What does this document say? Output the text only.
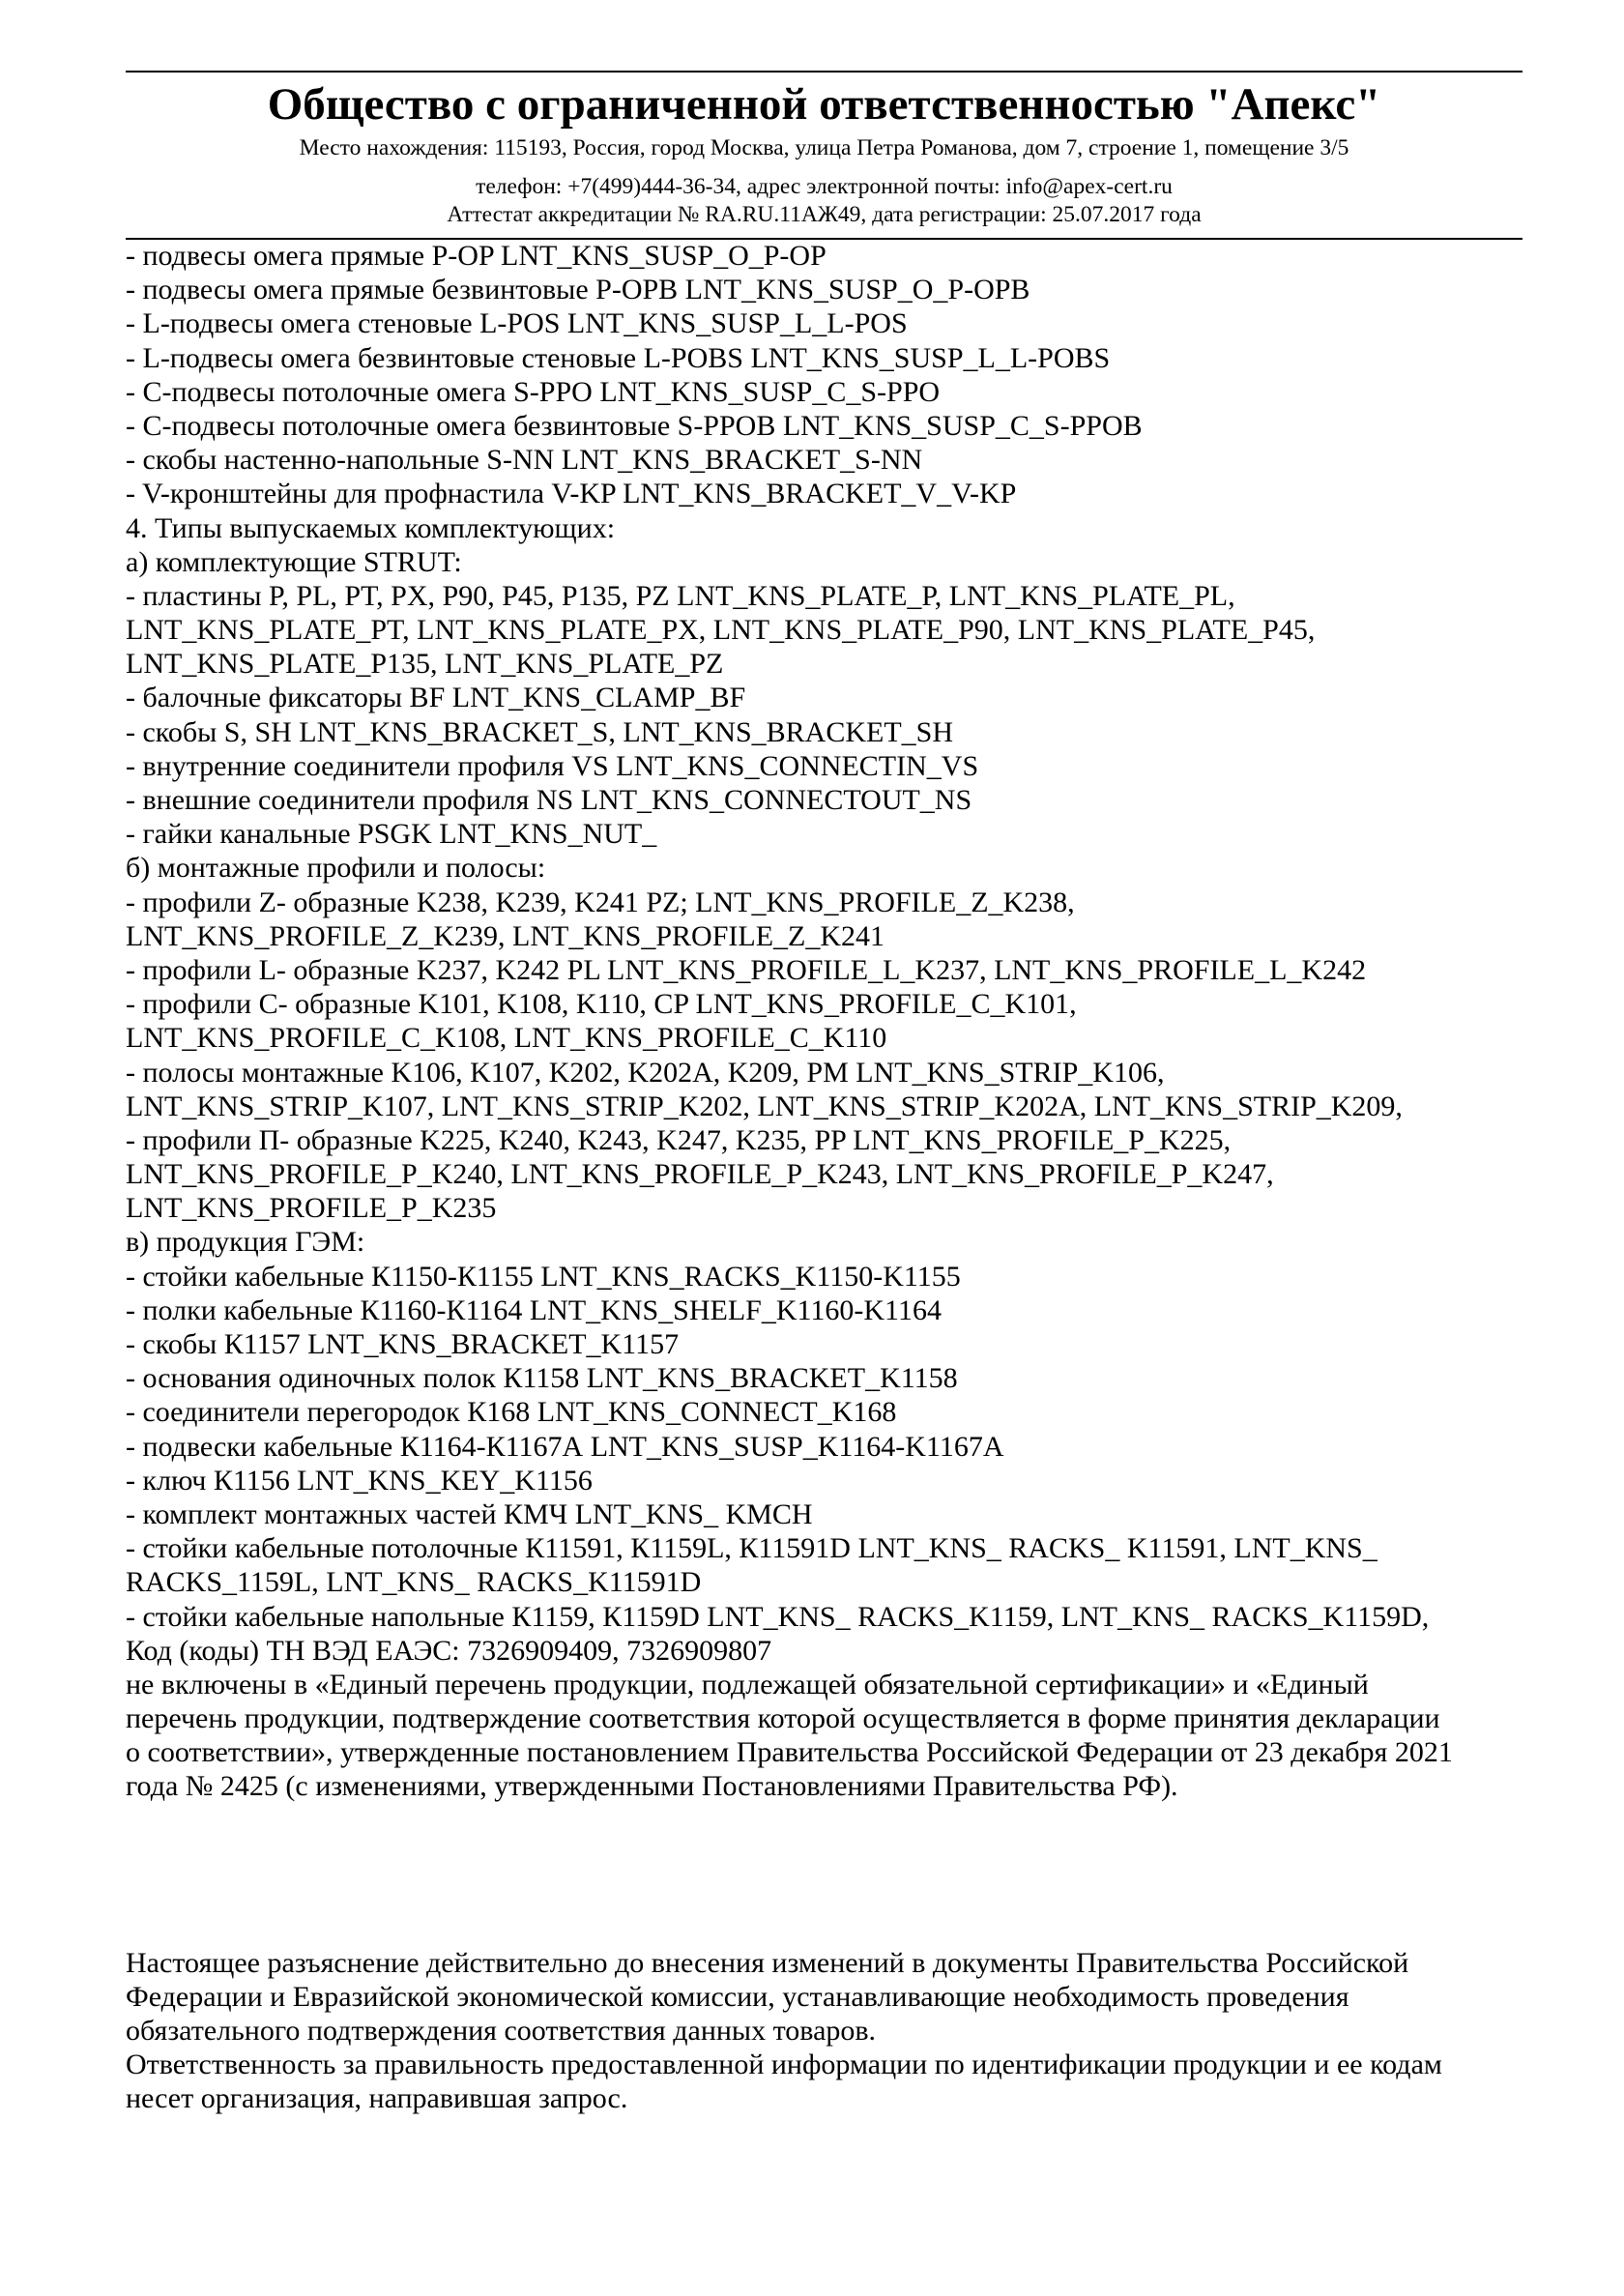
Общество с ограниченной ответственностью "Апекс"
Место нахождения: 115193, Россия, город Москва, улица Петра Романова, дом 7, строение 1, помещение 3/5
телефон: +7(499)444-36-34, адрес электронной почты: info@apex-cert.ru
Аттестат аккредитации № RA.RU.11АЖ49, дата регистрации: 25.07.2017 года
- подвесы омега прямые P-OP LNT_KNS_SUSP_O_P-OP
- подвесы омега прямые безвинтовые P-OPB LNT_KNS_SUSP_O_P-OPB
- L-подвесы омега стеновые L-POS LNT_KNS_SUSP_L_L-POS
- L-подвесы омега безвинтовые стеновые L-POBS LNT_KNS_SUSP_L_L-POBS
- С-подвесы потолочные омега S-PPO LNT_KNS_SUSP_C_S-PPO
- С-подвесы потолочные омега безвинтовые S-PPOB LNT_KNS_SUSP_C_S-PPOB
- скобы настенно-напольные S-NN LNT_KNS_BRACKET_S-NN
- V-кронштейны для профнастила V-KP LNT_KNS_BRACKET_V_V-KP
4. Типы выпускаемых комплектующих:
а) комплектующие STRUT:
- пластины P, PL, PT, PX, P90, P45, P135, PZ LNT_KNS_PLATE_P, LNT_KNS_PLATE_PL,
LNT_KNS_PLATE_PT, LNT_KNS_PLATE_PX, LNT_KNS_PLATE_P90, LNT_KNS_PLATE_P45,
LNT_KNS_PLATE_P135, LNT_KNS_PLATE_PZ
- балочные фиксаторы BF LNT_KNS_CLAMP_BF
- скобы S, SH LNT_KNS_BRACKET_S, LNT_KNS_BRACKET_SH
- внутренние соединители профиля VS LNT_KNS_CONNECTIN_VS
- внешние соединители профиля NS LNT_KNS_CONNECTOUT_NS
- гайки канальные PSGK LNT_KNS_NUT_
б) монтажные профили и полосы:
- профили Z- образные K238, K239, K241 PZ; LNT_KNS_PROFILE_Z_K238,
LNT_KNS_PROFILE_Z_K239, LNT_KNS_PROFILE_Z_K241
- профили L- образные K237, K242 PL LNT_KNS_PROFILE_L_K237, LNT_KNS_PROFILE_L_K242
- профили С- образные K101, K108, K110, CP LNT_KNS_PROFILE_C_K101,
LNT_KNS_PROFILE_C_K108, LNT_KNS_PROFILE_C_K110
- полосы монтажные K106, K107, K202, K202A, K209, PM LNT_KNS_STRIP_K106,
LNT_KNS_STRIP_K107, LNT_KNS_STRIP_K202, LNT_KNS_STRIP_K202A, LNT_KNS_STRIP_K209,
- профили П- образные K225, K240, K243, K247, K235, PP LNT_KNS_PROFILE_P_K225,
LNT_KNS_PROFILE_P_K240, LNT_KNS_PROFILE_P_K243, LNT_KNS_PROFILE_P_K247,
LNT_KNS_PROFILE_P_K235
в) продукция ГЭМ:
- стойки кабельные К1150-К1155 LNT_KNS_RACKS_K1150-K1155
- полки кабельные К1160-К1164 LNT_KNS_SHELF_K1160-K1164
- скобы К1157 LNT_KNS_BRACKET_K1157
- основания одиночных полок К1158 LNT_KNS_BRACKET_K1158
- соединители перегородок К168 LNT_KNS_CONNECT_K168
- подвески кабельные К1164-К1167А LNT_KNS_SUSP_K1164-K1167A
- ключ К1156 LNT_KNS_KEY_K1156
- комплект монтажных частей КМЧ LNT_KNS_ KMCH
- стойки кабельные потолочные К11591, К1159L, К11591D LNT_KNS_ RACKS_ K11591, LNT_KNS_
RACKS_1159L, LNT_KNS_ RACKS_K11591D
- стойки кабельные напольные К1159, К1159D LNT_KNS_ RACKS_K1159, LNT_KNS_ RACKS_K1159D,
Код (коды) ТН ВЭД ЕАЭС: 7326909409, 7326909807
не включены в «Единый перечень продукции, подлежащей обязательной сертификации» и «Единый
перечень продукции, подтверждение соответствия которой осуществляется в форме принятия декларации
о соответствии», утвержденные постановлением Правительства Российской Федерации от 23 декабря 2021
года № 2425 (с изменениями, утвержденными Постановлениями Правительства РФ).
Настоящее разъяснение действительно до внесения изменений в документы Правительства Российской
Федерации и Евразийской экономической комиссии, устанавливающие необходимость проведения
обязательного подтверждения соответствия данных товаров.
Ответственность за правильность предоставленной информации по идентификации продукции и ее кодам
несет организация, направившая запрос.
